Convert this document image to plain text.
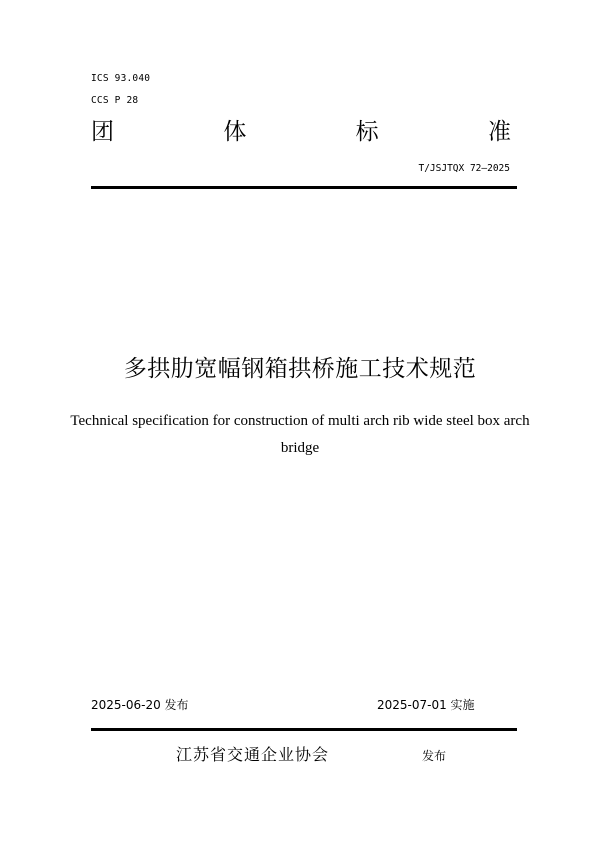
ICS 93.040
CCS P 28
团	体	标	准
T/JSJTQX 72—2025
多拱肋宽幅钢箱拱桥施工技术规范
Technical specification for construction of multi arch rib wide steel box arch bridge
2025-06-20 发布	2025-07-01 实施
江苏省交通企业协会	发布
